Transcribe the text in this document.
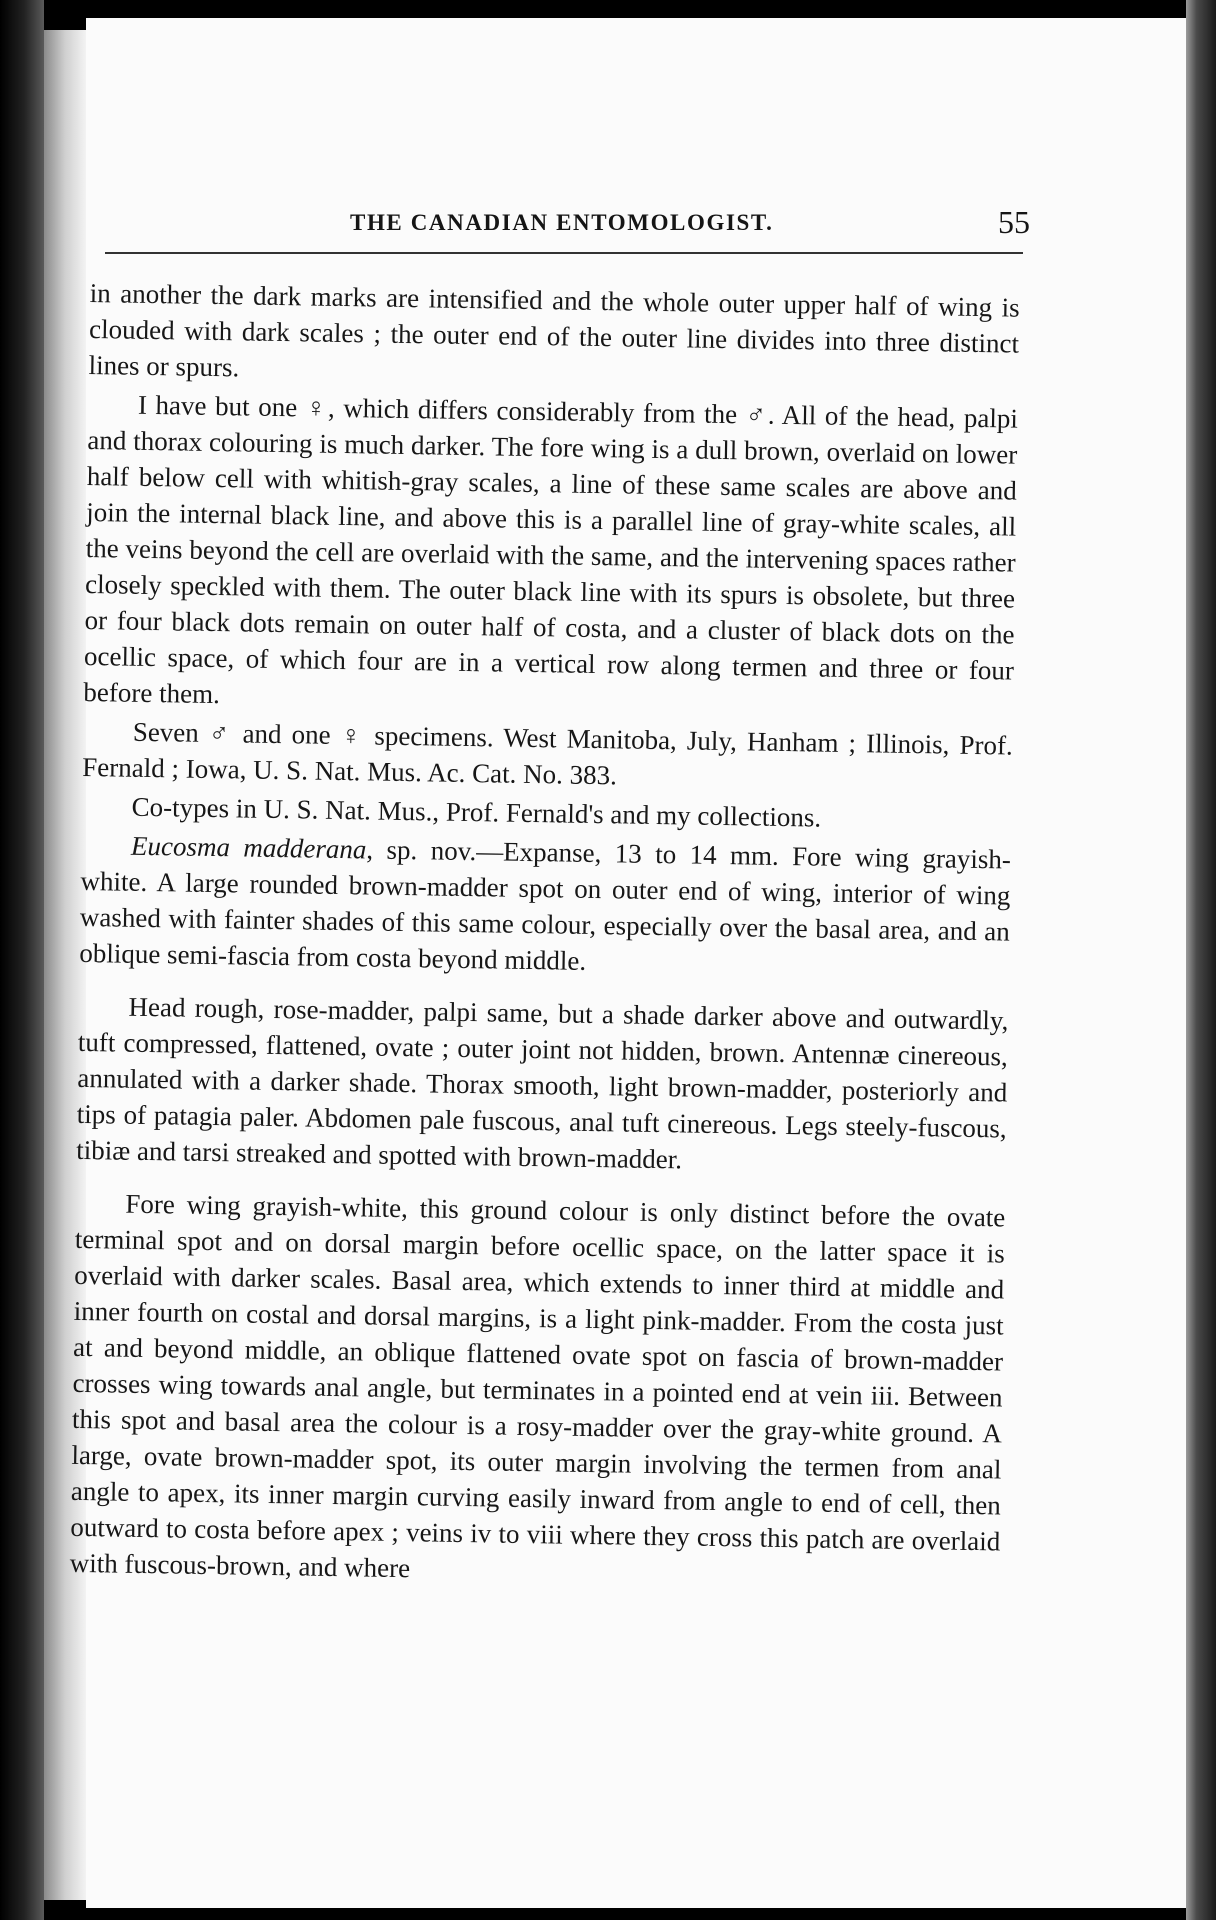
THE CANADIAN ENTOMOLOGIST.	55

in another the dark marks are intensified and the whole outer upper half of wing is clouded with dark scales ; the outer end of the outer line divides into three distinct lines or spurs.

I have but one ♀, which differs considerably from the ♂. All of the head, palpi and thorax colouring is much darker. The fore wing is a dull brown, overlaid on lower half below cell with whitish-gray scales, a line of these same scales are above and join the internal black line, and above this is a parallel line of gray-white scales, all the veins beyond the cell are overlaid with the same, and the intervening spaces rather closely speckled with them. The outer black line with its spurs is obsolete, but three or four black dots remain on outer half of costa, and a cluster of black dots on the ocellic space, of which four are in a vertical row along termen and three or four before them.

Seven ♂ and one ♀ specimens. West Manitoba, July, Hanham ; Illinois, Prof. Fernald ; Iowa, U. S. Nat. Mus. Ac. Cat. No. 383.

Co-types in U. S. Nat. Mus., Prof. Fernald's and my collections.

Eucosma madderana, sp. nov.—Expanse, 13 to 14 mm. Fore wing grayish-white. A large rounded brown-madder spot on outer end of wing, interior of wing washed with fainter shades of this same colour, especially over the basal area, and an oblique semi-fascia from costa beyond middle.

Head rough, rose-madder, palpi same, but a shade darker above and outwardly, tuft compressed, flattened, ovate ; outer joint not hidden, brown. Antennæ cinereous, annulated with a darker shade. Thorax smooth, light brown-madder, posteriorly and tips of patagia paler. Abdomen pale fuscous, anal tuft cinereous. Legs steely-fuscous, tibiæ and tarsi streaked and spotted with brown-madder.

Fore wing grayish-white, this ground colour is only distinct before the ovate terminal spot and on dorsal margin before ocellic space, on the latter space it is overlaid with darker scales. Basal area, which extends to inner third at middle and inner fourth on costal and dorsal margins, is a light pink-madder. From the costa just at and beyond middle, an oblique flattened ovate spot on fascia of brown-madder crosses wing towards anal angle, but terminates in a pointed end at vein iii. Between this spot and basal area the colour is a rosy-madder over the gray-white ground. A large, ovate brown-madder spot, its outer margin involving the termen from anal angle to apex, its inner margin curving easily inward from angle to end of cell, then outward to costa before apex ; veins iv to viii where they cross this patch are overlaid with fuscous-brown, and where
